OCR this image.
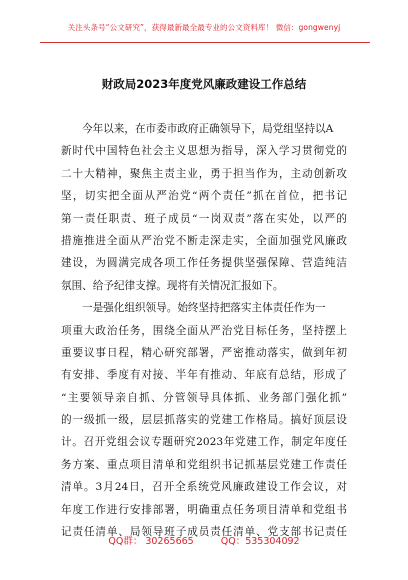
关注头条号“公文研究”，获得最新最全最专业的公文资料库！ 微信：gongwenyj
财政局2023年度党风廉政建设工作总结
今年以来，在市委市政府正确领导下，局党组坚持以A
新时代中国特色社会主义思想为指导，深入学习贯彻党的
二十大精神，聚焦主责主业，勇于担当作为，主动创新攻
坚，切实把全面从严治党“两个责任”抓在首位，把书记
第一责任职责、班子成员“一岗双责”落在实处，以严的
措施推进全面从严治党不断走深走实，全面加强党风廉政
建设，为圆满完成各项工作任务提供坚强保障、营造纯洁
氛围、给予纪律支撑。现将有关情况汇报如下。
一是强化组织领导。始终坚持把落实主体责任作为一
项重大政治任务，围绕全面从严治党目标任务，坚持摆上
重要议事日程，精心研究部署，严密推动落实，做到年初
有安排、季度有对接、半年有推动、年底有总结，形成了
“主要领导亲自抓、分管领导具体抓、业务部门强化抓”
的一级抓一级，层层抓落实的党建工作格局。搞好顶层设
计。召开党组会议专题研究2023年党建工作，制定年度任
务方案、重点项目清单和党组织书记抓基层党建工作责任
清单。3月24日，召开全系统党风廉政建设工作会议，对
年度工作进行安排部署，明确重点任务项目清单和党组书
记责任清单、局领导班子成员责任清单、党支部书记责任
QQ群： 30265665	QQ：535304092
